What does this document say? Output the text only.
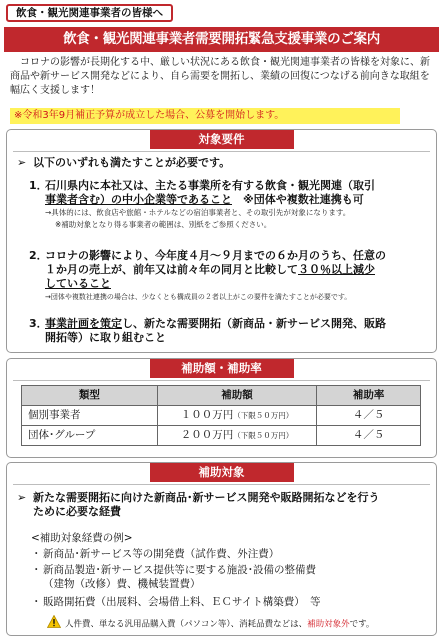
飲食・観光関連事業者の皆様へ
飲食・観光関連事業者需要開拓緊急支援事業のご案内
コロナの影響が長期化する中、厳しい状況にある飲食・観光関連事業者の皆様を対象に、新商品や新サービス開発などにより、自ら需要を開拓し、業績の回復につなげる前向きな取組を幅広く支援します！
※令和3年9月補正予算が成立した場合、公募を開始します。
対象要件
➢ 以下のいずれも満たすことが必要です。
1．
石川県内に本社又は、主たる事業所を有する飲食・観光関連（取引
事業者含む）の中小企業等であること　 ※団体や複数社連携も可
→具体的には、飲食店や旅館・ホテルなどの宿泊事業者と、その取引先が対象になります。
※補助対象となり得る事業者の範囲は、別紙をご参照ください。
2．
コロナの影響により、今年度４月～９月までの６か月のうち、任意の
１か月の売上が、前年又は前々年の同月と比較して３０％以上減少
していること
→団体や複数社連携の場合は、少なくとも構成員の２者以上がこの要件を満たすことが必要です。
3．
事業計画を策定し、新たな需要開拓（新商品・新サービス開発、販路
開拓等）に取り組むこと
補助額・補助率
類型	補助額	補助率
個別事業者	１００万円（下限５０万円）	４／５
団体･グループ	２００万円（下限５０万円）	４／５
補助対象
➢ 新たな需要開拓に向けた新商品･新サービス開発や販路開拓などを行う
ために必要な経費
<補助対象経費の例>
・ 新商品･新サービス等の開発費（試作費、外注費）
・ 新商品製造･新サービス提供等に要する施設･設備の整備費
（建物（改修）費、機械装置費）
・ 販路開拓費（出展料、会場借上料、ＥＣサイト構築費）　等
人件費、単なる汎用品購入費（パソコン等）、消耗品費などは、補助対象外です。
